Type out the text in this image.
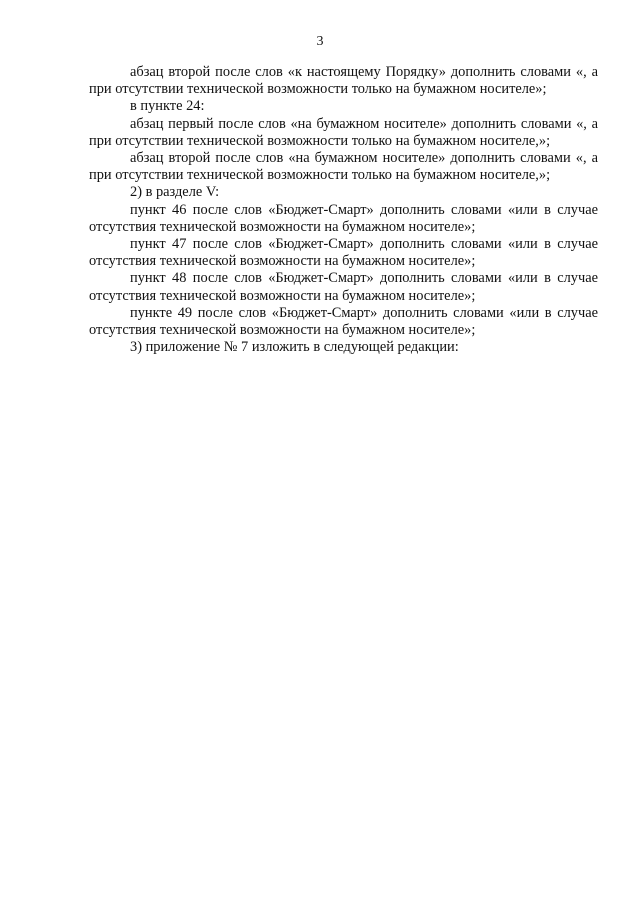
3

абзац второй после слов «к настоящему Порядку» дополнить словами «, а при отсутствии технической возможности только на бумажном носителе»;

в пункте 24:

абзац первый после слов «на бумажном носителе» дополнить словами «, а при отсутствии технической возможности только на бумажном носителе,»;

абзац второй после слов «на бумажном носителе» дополнить словами «, а при отсутствии технической возможности только на бумажном носителе,»;

2) в разделе V:

пункт 46 после слов «Бюджет-Смарт» дополнить словами «или в случае отсутствия технической возможности на бумажном носителе»;

пункт 47 после слов «Бюджет-Смарт» дополнить словами «или в случае отсутствия технической возможности на бумажном носителе»;

пункт 48 после слов «Бюджет-Смарт» дополнить словами «или в случае отсутствия технической возможности на бумажном носителе»;

пункте 49 после слов «Бюджет-Смарт» дополнить словами «или в случае отсутствия технической возможности на бумажном носителе»;

3) приложение № 7 изложить в следующей редакции:
